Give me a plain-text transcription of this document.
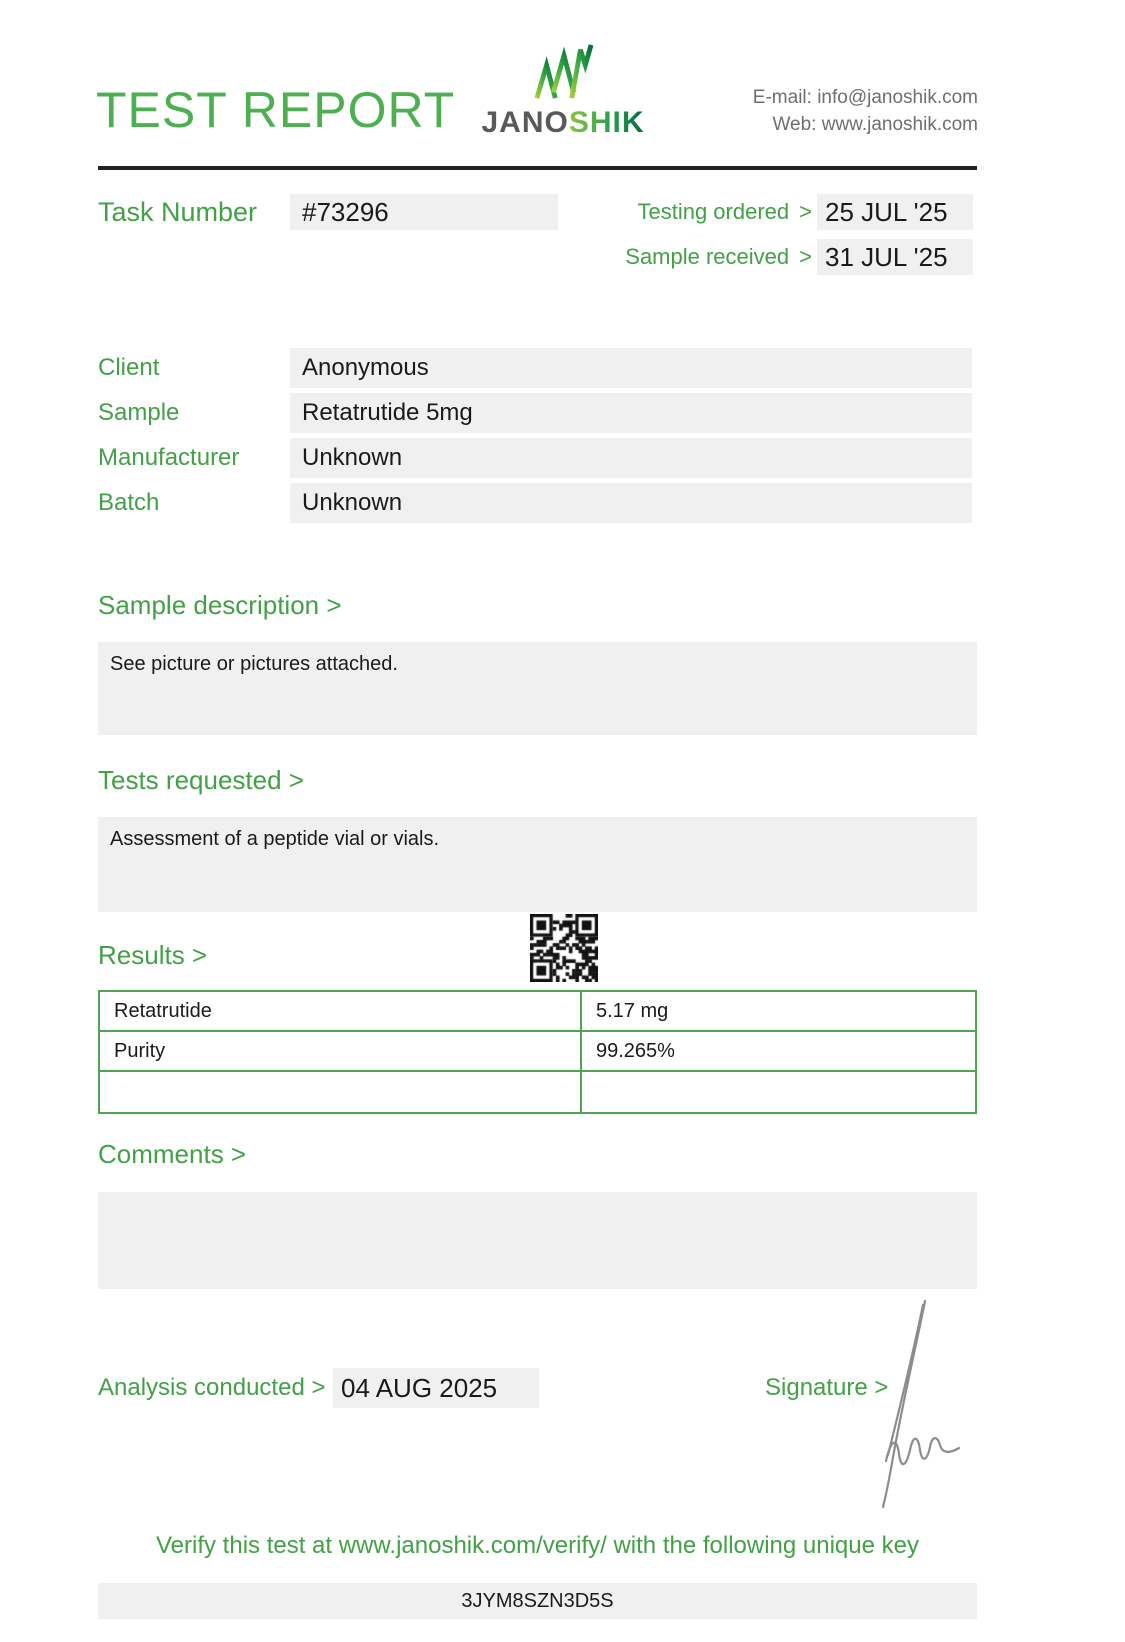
TEST REPORT JANOSHIK
E-mail: info@janoshik.com
Web: www.janoshik.com
Task Number	#73296	Testing ordered > 25 JUL '25
Sample received > 31 JUL '25
Client	Anonymous
Sample	Retatrutide 5mg
Manufacturer	Unknown
Batch	Unknown
Sample description >
See picture or pictures attached.
Tests requested >
Assessment of a peptide vial or vials.
Results >
Retatrutide	5.17 mg
Purity	99.265%
Comments >
Analysis conducted > 04 AUG 2025	Signature >
Verify this test at www.janoshik.com/verify/ with the following unique key
3JYM8SZN3D5S
